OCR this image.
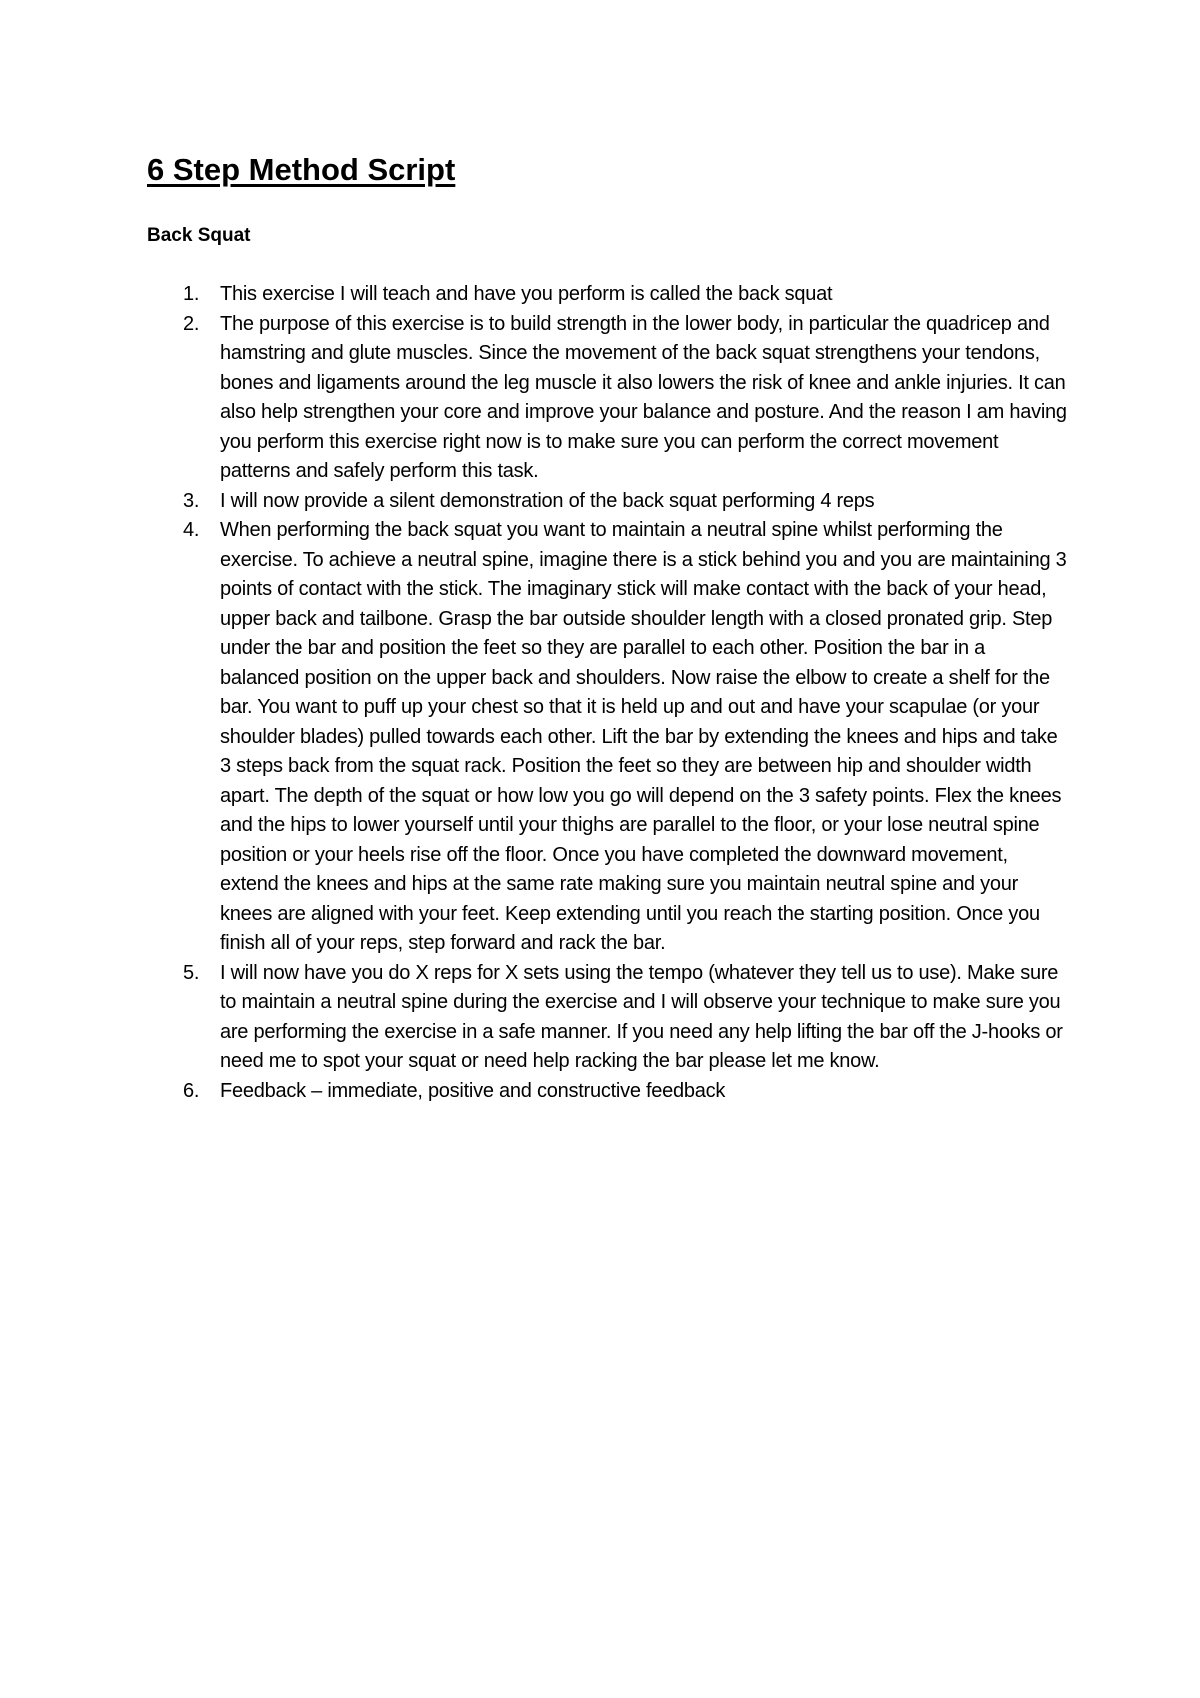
6 Step Method Script
Back Squat
1. This exercise I will teach and have you perform is called the back squat
2. The purpose of this exercise is to build strength in the lower body, in particular the quadricep and hamstring and glute muscles. Since the movement of the back squat strengthens your tendons, bones and ligaments around the leg muscle it also lowers the risk of knee and ankle injuries. It can also help strengthen your core and improve your balance and posture. And the reason I am having you perform this exercise right now is to make sure you can perform the correct movement patterns and safely perform this task.
3. I will now provide a silent demonstration of the back squat performing 4 reps
4. When performing the back squat you want to maintain a neutral spine whilst performing the exercise. To achieve a neutral spine, imagine there is a stick behind you and you are maintaining 3 points of contact with the stick. The imaginary stick will make contact with the back of your head, upper back and tailbone. Grasp the bar outside shoulder length with a closed pronated grip. Step under the bar and position the feet so they are parallel to each other. Position the bar in a balanced position on the upper back and shoulders. Now raise the elbow to create a shelf for the bar. You want to puff up your chest so that it is held up and out and have your scapulae (or your shoulder blades) pulled towards each other. Lift the bar by extending the knees and hips and take 3 steps back from the squat rack. Position the feet so they are between hip and shoulder width apart. The depth of the squat or how low you go will depend on the 3 safety points. Flex the knees and the hips to lower yourself until your thighs are parallel to the floor, or your lose neutral spine position or your heels rise off the floor. Once you have completed the downward movement, extend the knees and hips at the same rate making sure you maintain neutral spine and your knees are aligned with your feet. Keep extending until you reach the starting position. Once you finish all of your reps, step forward and rack the bar.
5. I will now have you do X reps for X sets using the tempo (whatever they tell us to use). Make sure to maintain a neutral spine during the exercise and I will observe your technique to make sure you are performing the exercise in a safe manner. If you need any help lifting the bar off the J-hooks or need me to spot your squat or need help racking the bar please let me know.
6. Feedback – immediate, positive and constructive feedback
